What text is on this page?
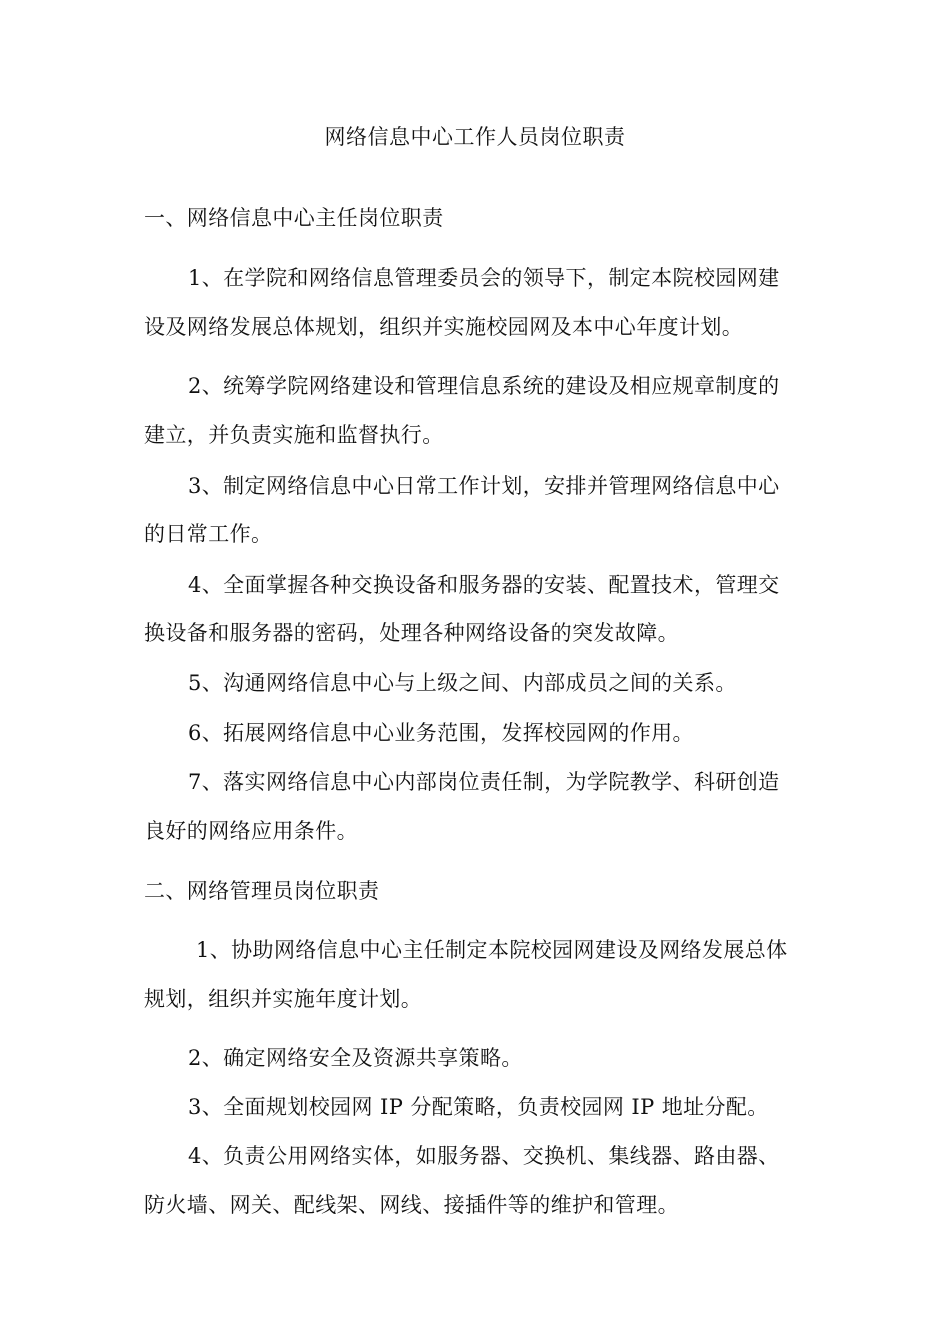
网络信息中心工作人员岗位职责
一、网络信息中心主任岗位职责
1、在学院和网络信息管理委员会的领导下，制定本院校园网建
设及网络发展总体规划，组织并实施校园网及本中心年度计划。
2、统筹学院网络建设和管理信息系统的建设及相应规章制度的
建立，并负责实施和监督执行。
3、制定网络信息中心日常工作计划，安排并管理网络信息中心
的日常工作。
4、全面掌握各种交换设备和服务器的安装、配置技术，管理交
换设备和服务器的密码，处理各种网络设备的突发故障。
5、沟通网络信息中心与上级之间、内部成员之间的关系。
6、拓展网络信息中心业务范围，发挥校园网的作用。
7、落实网络信息中心内部岗位责任制，为学院教学、科研创造
良好的网络应用条件。
二、网络管理员岗位职责
1、协助网络信息中心主任制定本院校园网建设及网络发展总体
规划，组织并实施年度计划。
2、确定网络安全及资源共享策略。
3、全面规划校园网 IP 分配策略，负责校园网 IP 地址分配。
4、负责公用网络实体，如服务器、交换机、集线器、路由器、
防火墙、网关、配线架、网线、接插件等的维护和管理。
